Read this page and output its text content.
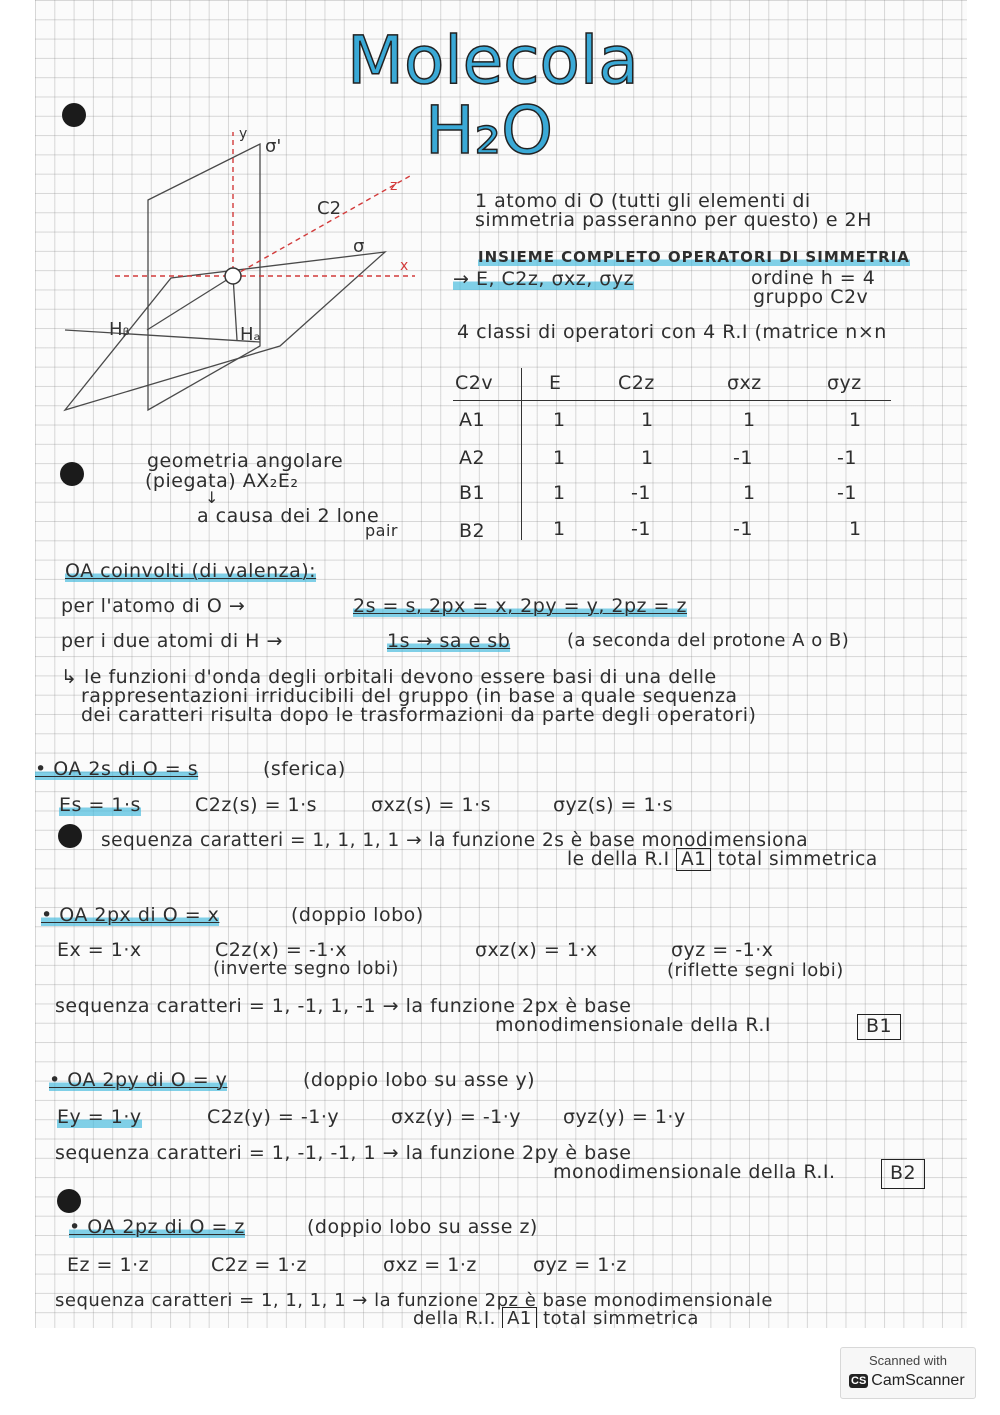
Molecola
H₂O
y
σ'
C2
z
σ
x
Hᵦ	Hₐ
1 atomo di O (tutti gli elementi di
simmetria passeranno per questo) e 2H
INSIEME COMPLETO OPERATORI DI SIMMETRIA
→ E, C2z, σxz, σyz	ordine h = 4
gruppo C2v
4 classi di operatori con 4 R.I (matrice n×n
C2v	E	C2z	σxz	σyz
A1	1	1	1	1
A2	1	1	-1	-1
B1	1	-1	1	-1
B2	1	-1	-1	1
geometria angolare
(piegata) AX₂E₂
↓
a causa dei 2 lone
pair
OA coinvolti (di valenza):
per l'atomo di O →	2s = s, 2px = x, 2py = y, 2pz = z
per i due atomi di H →	1s → sa e sb	(a seconda del protone A o B)
↳ le funzioni d'onda degli orbitali devono essere basi di una delle
rappresentazioni irriducibili del gruppo (in base a quale sequenza
dei caratteri risulta dopo le trasformazioni da parte degli operatori)
• OA 2s di O = s	(sferica)
Es = 1·s	C2z(s) = 1·s	σxz(s) = 1·s	σyz(s) = 1·s
sequenza caratteri = 1, 1, 1, 1 → la funzione 2s è base monodimensiona
le della R.I A1 total simmetrica
• OA 2px di O = x	(doppio lobo)
Ex = 1·x	C2z(x) = -1·x	σxz(x) = 1·x	σyz = -1·x
(inverte segno lobi)	(riflette segni lobi)
sequenza caratteri = 1, -1, 1, -1 → la funzione 2px è base
monodimensionale della R.I	B1
• OA 2py di O = y	(doppio lobo su asse y)
Ey = 1·y	C2z(y) = -1·y	σxz(y) = -1·y σyz(y) = 1·y
sequenza caratteri = 1, -1, -1, 1 → la funzione 2py è base
monodimensionale della R.I.	B2
• OA 2pz di O = z	(doppio lobo su asse z)
Ez = 1·z	C2z = 1·z	σxz = 1·z	σyz = 1·z
sequenza caratteri = 1, 1, 1, 1 → la funzione 2pz è base monodimensionale
della R.I. A1 total simmetrica
Scanned with
CS CamScanner
